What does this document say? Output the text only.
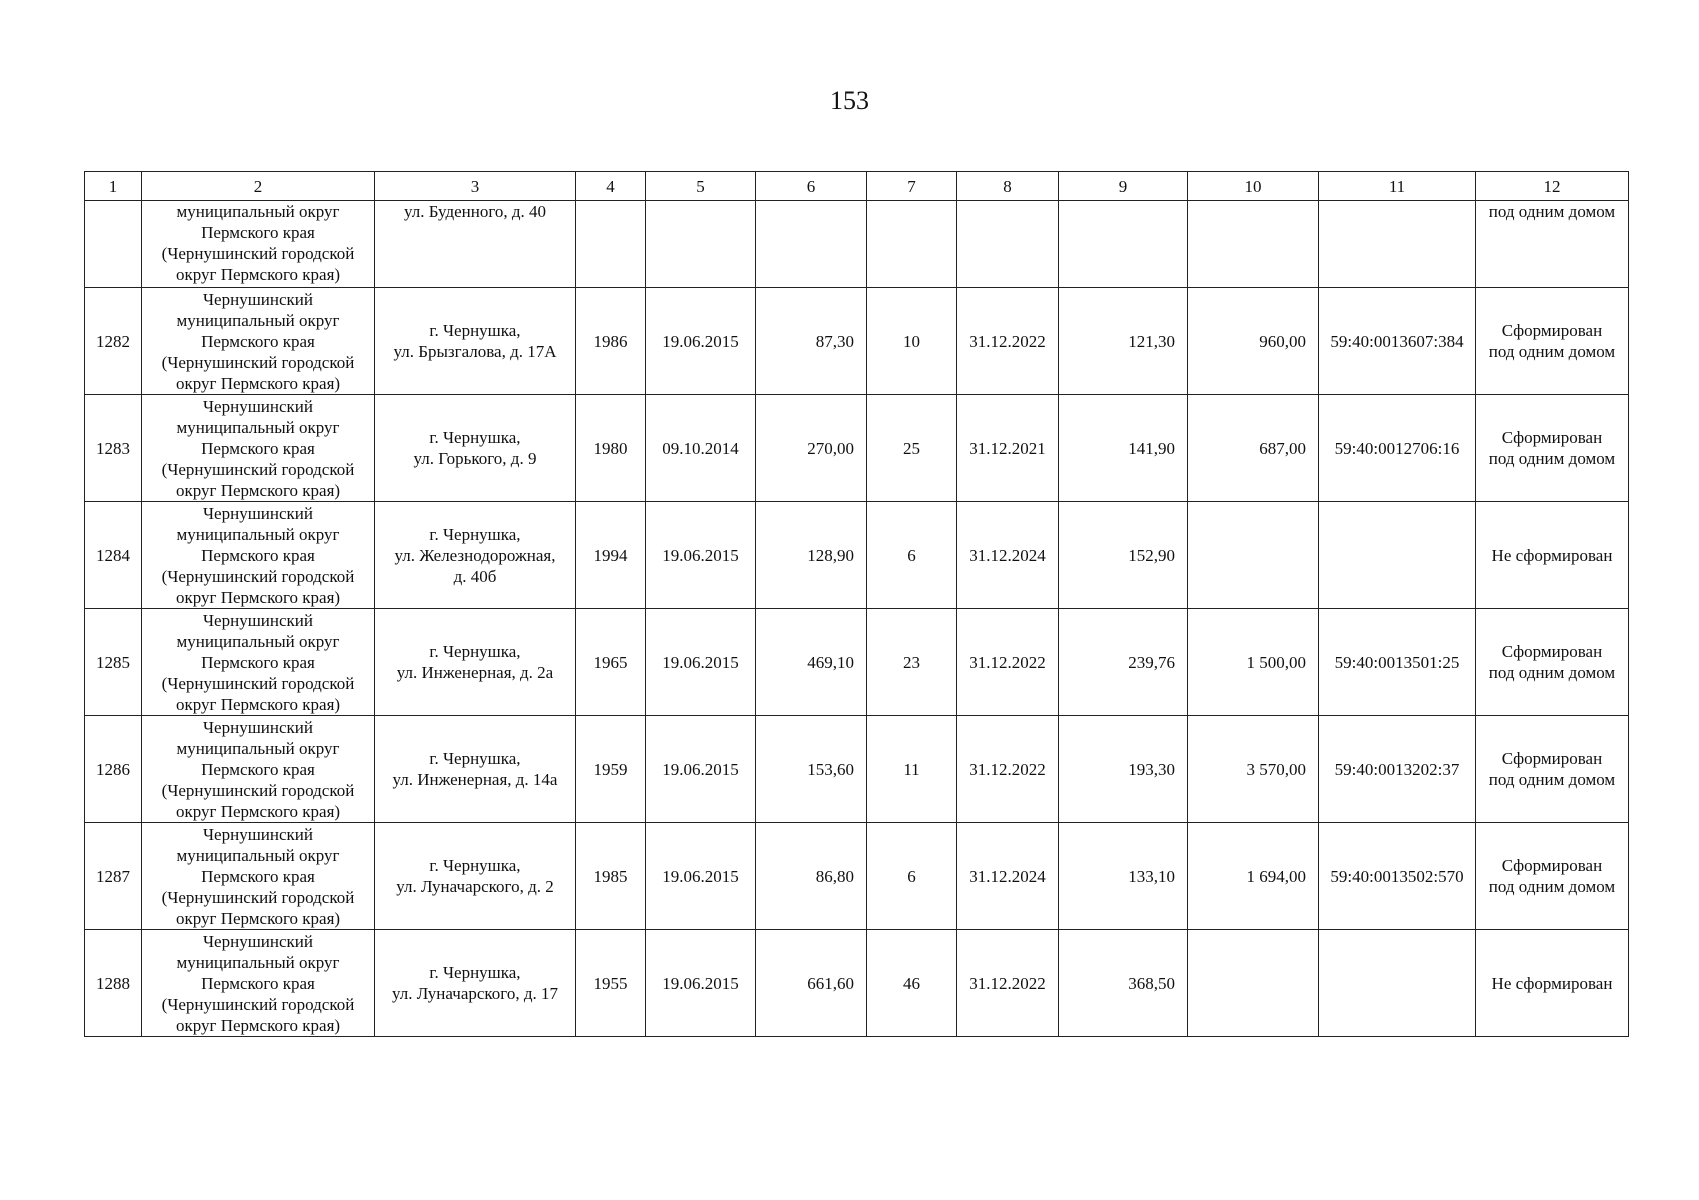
153
1	2	3	4	5	6	7	8	9	10	11	12

	муниципальный округ
Пермского края
(Чернушинский городской
округ Пермского края)	ул. Буденного, д. 40									под одним домом

1282	Чернушинский
муниципальный округ
Пермского края
(Чернушинский городской
округ Пермского края)	г. Чернушка,
ул. Брызгалова, д. 17А	1986	19.06.2015	87,30	10	31.12.2022	121,30	960,00	59:40:0013607:384	Сформирован
под одним домом

1283	Чернушинский
муниципальный округ
Пермского края
(Чернушинский городской
округ Пермского края)	г. Чернушка,
ул. Горького, д. 9	1980	09.10.2014	270,00	25	31.12.2021	141,90	687,00	59:40:0012706:16	Сформирован
под одним домом

1284	Чернушинский
муниципальный округ
Пермского края
(Чернушинский городской
округ Пермского края)	г. Чернушка,
ул. Железнодорожная,
д. 40б	1994	19.06.2015	128,90	6	31.12.2024	152,90			Не сформирован

1285	Чернушинский
муниципальный округ
Пермского края
(Чернушинский городской
округ Пермского края)	г. Чернушка,
ул. Инженерная, д. 2а	1965	19.06.2015	469,10	23	31.12.2022	239,76	1 500,00	59:40:0013501:25	Сформирован
под одним домом

1286	Чернушинский
муниципальный округ
Пермского края
(Чернушинский городской
округ Пермского края)	г. Чернушка,
ул. Инженерная, д. 14а	1959	19.06.2015	153,60	11	31.12.2022	193,30	3 570,00	59:40:0013202:37	Сформирован
под одним домом

1287	Чернушинский
муниципальный округ
Пермского края
(Чернушинский городской
округ Пермского края)	г. Чернушка,
ул. Луначарского, д. 2	1985	19.06.2015	86,80	6	31.12.2024	133,10	1 694,00	59:40:0013502:570	Сформирован
под одним домом

1288	Чернушинский
муниципальный округ
Пермского края
(Чернушинский городской
округ Пермского края)	г. Чернушка,
ул. Луначарского, д. 17	1955	19.06.2015	661,60	46	31.12.2022	368,50			Не сформирован
